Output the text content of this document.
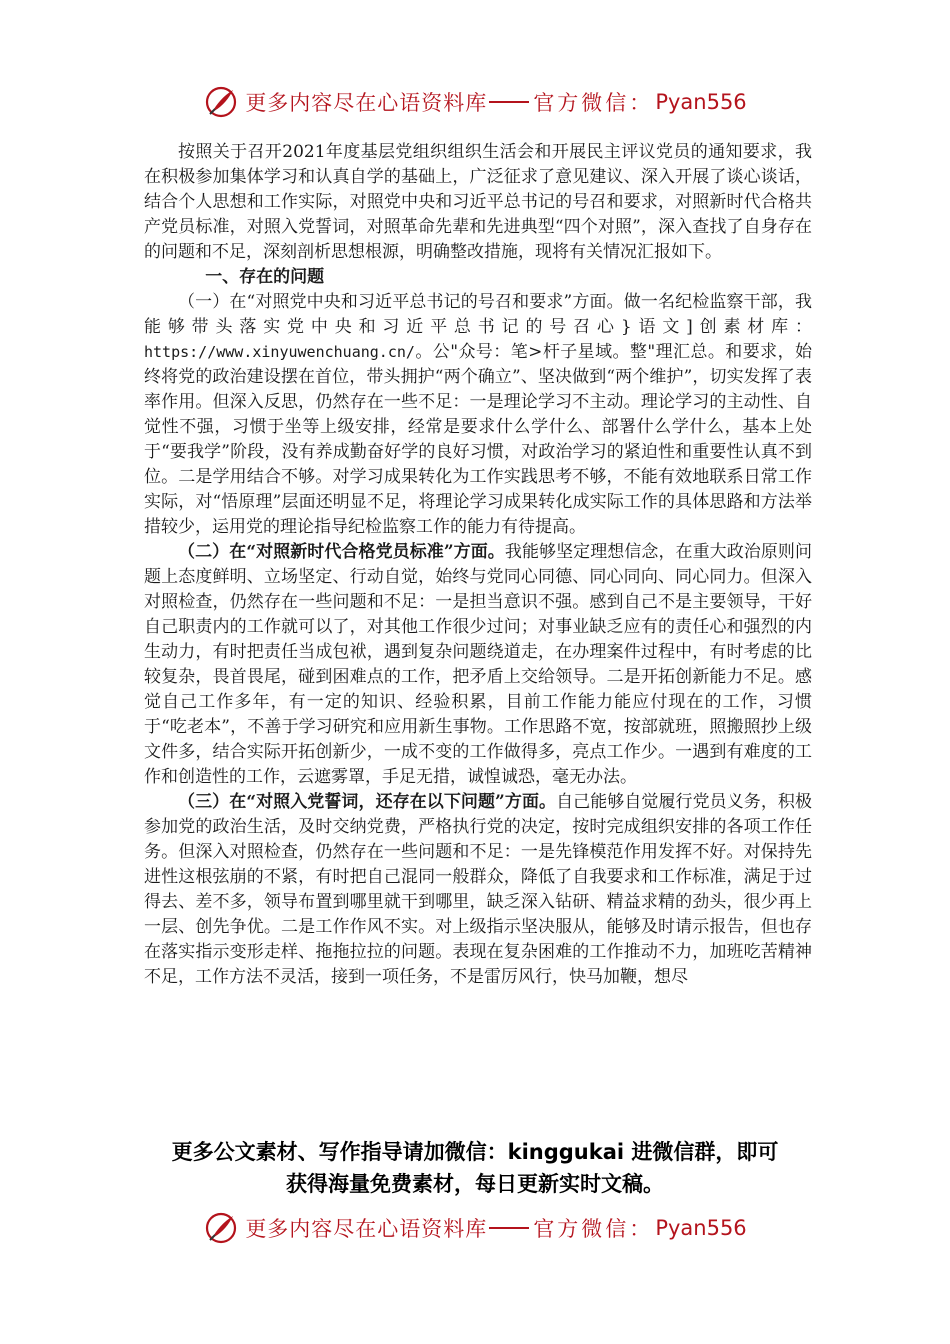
更多内容尽在心语资料库 官方微信： Pyan556

按照关于召开2021年度基层党组织组织生活会和开展民主评议党员的通知要求，我在积极参加集体学习和认真自学的基础上，广泛征求了意见建议、深入开展了谈心谈话，结合个人思想和工作实际，对照党中央和习近平总书记的号召和要求，对照新时代合格共产党员标准，对照入党誓词，对照革命先辈和先进典型“四个对照”，深入查找了自身存在的问题和不足，深刻剖析思想根源，明确整改措施，现将有关情况汇报如下。

一、存在的问题

（一）在“对照党中央和习近平总书记的号召和要求”方面。做一名纪检监察干部，我能够带头落实党中央和习近平总书记的号召心}语文]创素材库：https://www.xinyuwenchuang.cn/。公"众号：笔>杆子星域。整"理汇总。和要求，始终将党的政治建设摆在首位，带头拥护“两个确立”、坚决做到“两个维护”，切实发挥了表率作用。但深入反思，仍然存在一些不足：一是理论学习不主动。理论学习的主动性、自觉性不强，习惯于坐等上级安排，经常是要求什么学什么、部署什么学什么，基本上处于“要我学”阶段，没有养成勤奋好学的良好习惯，对政治学习的紧迫性和重要性认真不到位。二是学用结合不够。对学习成果转化为工作实践思考不够，不能有效地联系日常工作实际，对“悟原理”层面还明显不足，将理论学习成果转化成实际工作的具体思路和方法举措较少，运用党的理论指导纪检监察工作的能力有待提高。

（二）在“对照新时代合格党员标准”方面。我能够坚定理想信念，在重大政治原则问题上态度鲜明、立场坚定、行动自觉，始终与党同心同德、同心同向、同心同力。但深入对照检查，仍然存在一些问题和不足：一是担当意识不强。感到自己不是主要领导，干好自己职责内的工作就可以了，对其他工作很少过问；对事业缺乏应有的责任心和强烈的内生动力，有时把责任当成包袱，遇到复杂问题绕道走，在办理案件过程中，有时考虑的比较复杂，畏首畏尾，碰到困难点的工作，把矛盾上交给领导。二是开拓创新能力不足。感觉自己工作多年，有一定的知识、经验积累，目前工作能力能应付现在的工作，习惯于“吃老本”，不善于学习研究和应用新生事物。工作思路不宽，按部就班，照搬照抄上级文件多，结合实际开拓创新少，一成不变的工作做得多，亮点工作少。一遇到有难度的工作和创造性的工作，云遮雾罩，手足无措，诚惶诚恐，毫无办法。

（三）在“对照入党誓词，还存在以下问题”方面。自己能够自觉履行党员义务，积极参加党的政治生活，及时交纳党费，严格执行党的决定，按时完成组织安排的各项工作任务。但深入对照检查，仍然存在一些问题和不足：一是先锋模范作用发挥不好。对保持先进性这根弦崩的不紧，有时把自己混同一般群众，降低了自我要求和工作标准，满足于过得去、差不多，领导布置到哪里就干到哪里，缺乏深入钻研、精益求精的劲头，很少再上一层、创先争优。二是工作作风不实。对上级指示坚决服从，能够及时请示报告，但也存在落实指示变形走样、拖拖拉拉的问题。表现在复杂困难的工作推动不力，加班吃苦精神不足，工作方法不灵活，接到一项任务，不是雷厉风行，快马加鞭，想尽

更多公文素材、写作指导请加微信：kinggukai 进微信群，即可
获得海量免费素材，每日更新实时文稿。
更多内容尽在心语资料库 官方微信： Pyan556
